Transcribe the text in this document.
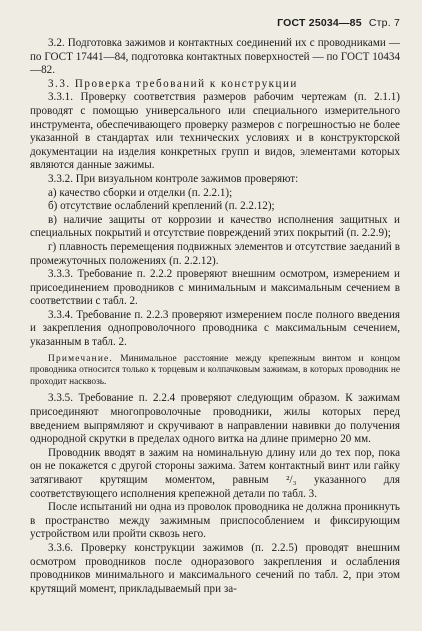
ГОСТ 25034—85 Стр. 7

3.2. Подготовка зажимов и контактных соединений их с проводниками — по ГОСТ 17441—84, подготовка контактных поверхностей — по ГОСТ 10434—82.

3.3. Проверка требований к конструкции

3.3.1. Проверку соответствия размеров рабочим чертежам (п. 2.1.1) проводят с помощью универсального или специального измерительного инструмента, обеспечивающего проверку размеров с погрешностью не более указанной в стандартах или технических условиях и в конструкторской документации на изделия конкретных групп и видов, элементами которых являются данные зажимы.

3.3.2. При визуальном контроле зажимов проверяют:

а) качество сборки и отделки (п. 2.2.1);

б) отсутствие ослаблений креплений (п. 2.2.12);

в) наличие защиты от коррозии и качество исполнения защитных и специальных покрытий и отсутствие повреждений этих покрытий (п. 2.2.9);

г) плавность перемещения подвижных элементов и отсутствие заеданий в промежуточных положениях (п. 2.2.12).

3.3.3. Требование п. 2.2.2 проверяют внешним осмотром, измерением и присоединением проводников с минимальным и максимальным сечением в соответствии с табл. 2.

3.3.4. Требование п. 2.2.3 проверяют измерением после полного введения и закрепления однопроволочного проводника с максимальным сечением, указанным в табл. 2.

Примечание. Минимальное расстояние между крепежным винтом и концом проводника относится только к торцевым и колпачковым зажимам, в которых проводник не проходит насквозь.

3.3.5. Требование п. 2.2.4 проверяют следующим образом. К зажимам присоединяют многопроволочные проводники, жилы которых перед введением выпрямляют и скручивают в направлении навивки до получения однородной скрутки в пределах одного витка на длине примерно 20 мм.

Проводник вводят в зажим на номинальную длину или до тех пор, пока он не покажется с другой стороны зажима. Затем контактный винт или гайку затягивают крутящим моментом, равным ²/₃ указанного для соответствующего исполнения крепежной детали по табл. 3.

После испытаний ни одна из проволок проводника не должна проникнуть в пространство между зажимным приспособлением и фиксирующим устройством или пройти сквозь него.

3.3.6. Проверку конструкции зажимов (п. 2.2.5) проводят внешним осмотром проводников после одноразового закрепления и ослабления проводников минимального и максимального сечений по табл. 2, при этом крутящий момент, прикладываемый при за-
